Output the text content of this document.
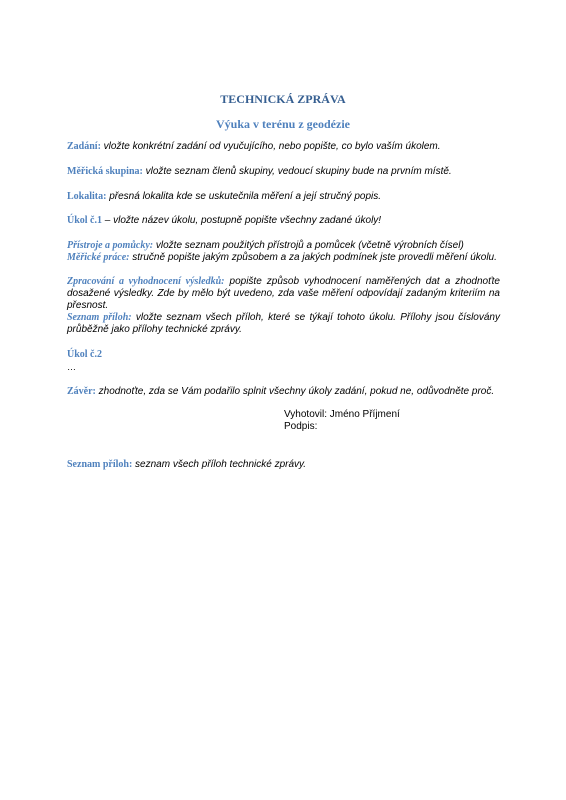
TECHNICKÁ ZPRÁVA
Výuka v terénu z geodézie
Zadání: vložte konkrétní zadání od vyučujícího, nebo popište, co bylo vaším úkolem.
Měřická skupina: vložte seznam členů skupiny, vedoucí skupiny bude na prvním místě.
Lokalita: přesná lokalita kde se uskutečnila měření a její stručný popis.
Úkol č.1 – vložte název úkolu, postupně popište všechny zadané úkoly!
Přístroje a pomůcky: vložte seznam použitých přístrojů a pomůcek (včetně výrobních čísel)
Měřické práce: stručně popište jakým způsobem a za jakých podmínek jste provedli měření úkolu.
Zpracování a vyhodnocení výsledků: popište způsob vyhodnocení naměřených dat a zhodnoťte dosažené výsledky. Zde by mělo být uvedeno, zda vaše měření odpovídají zadaným kriteriím na přesnost.
Seznam příloh: vložte seznam všech příloh, které se týkají tohoto úkolu. Přílohy jsou číslovány průběžně jako přílohy technické zprávy.
Úkol č.2
…
Závěr: zhodnoťte, zda se Vám podařilo splnit všechny úkoly zadání, pokud ne, odůvodněte proč.
Vyhotovil: Jméno Příjmení
Podpis:
Seznam příloh: seznam všech příloh technické zprávy.
